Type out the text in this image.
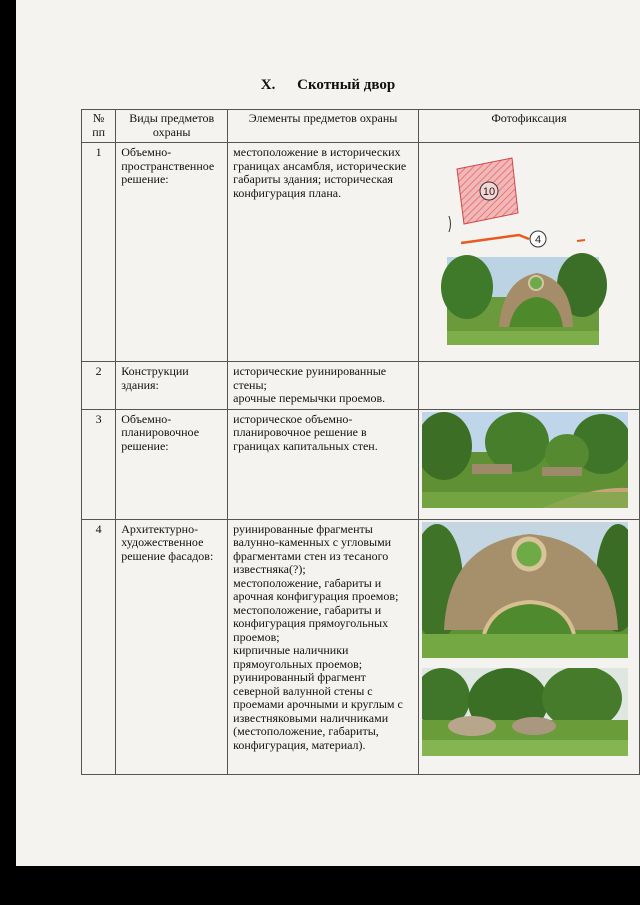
X. Скотный двор
№ пп	Виды предметов охраны	Элементы предметов охраны	Фотофиксация
1	Объемно-пространственное решение:	местоположение в исторических границах ансамбля, исторические габариты здания; историческая конфигурация плана.	10
4

2	Конструкции здания:	исторические руинированные стены;
арочные перемычки проемов.	
3	Объемно-планировочное решение:	историческое объемно-планировочное решение в границах капитальных стен.	

4	Архитектурно-художественное решение фасадов:	руинированные фрагменты валунно-каменных с угловыми фрагментами стен из тесаного известняка(?);
местоположение, габариты и арочная конфигурация проемов;
местоположение, габариты и конфигурация прямоугольных проемов;
кирпичные наличники прямоугольных проемов;
руинированный фрагмент северной валунной стены с проемами арочными и круглым с известняковыми наличниками (местоположение, габариты, конфигурация, материал).	
